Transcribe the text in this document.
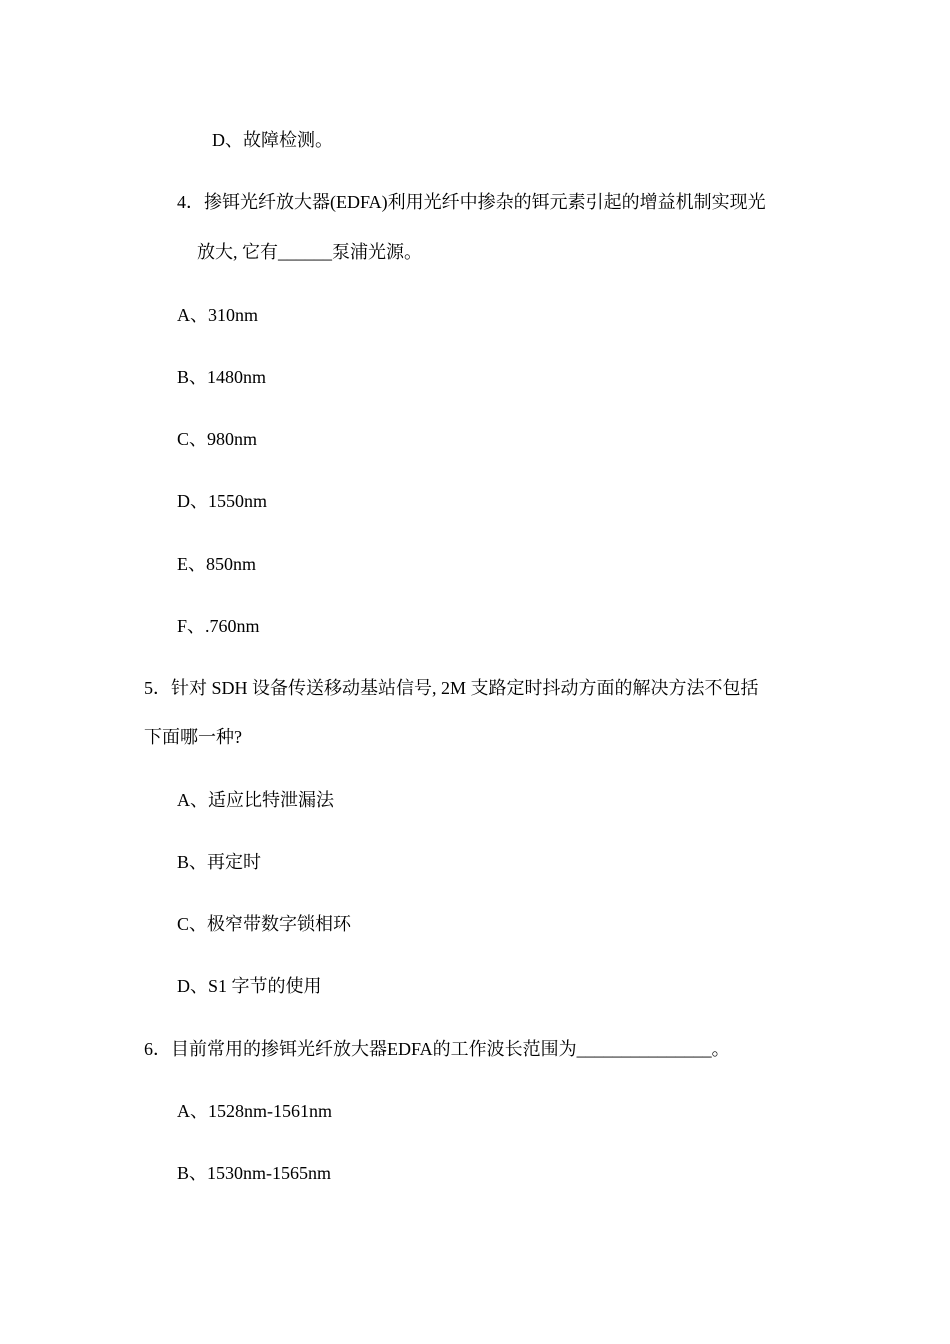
D、故障检测。
4．掺铒光纤放大器(EDFA)利用光纤中掺杂的铒元素引起的增益机制实现光
放大, 它有______泵浦光源。
A、310nm
B、1480nm
C、980nm
D、1550nm
E、850nm
F、.760nm
5．针对 SDH 设备传送移动基站信号, 2M 支路定时抖动方面的解决方法不包括
下面哪一种?
A、适应比特泄漏法
B、再定时
C、极窄带数字锁相环
D、S1 字节的使用
6．目前常用的掺铒光纤放大器EDFA的工作波长范围为_______________。
A、1528nm-1561nm
B、1530nm-1565nm
